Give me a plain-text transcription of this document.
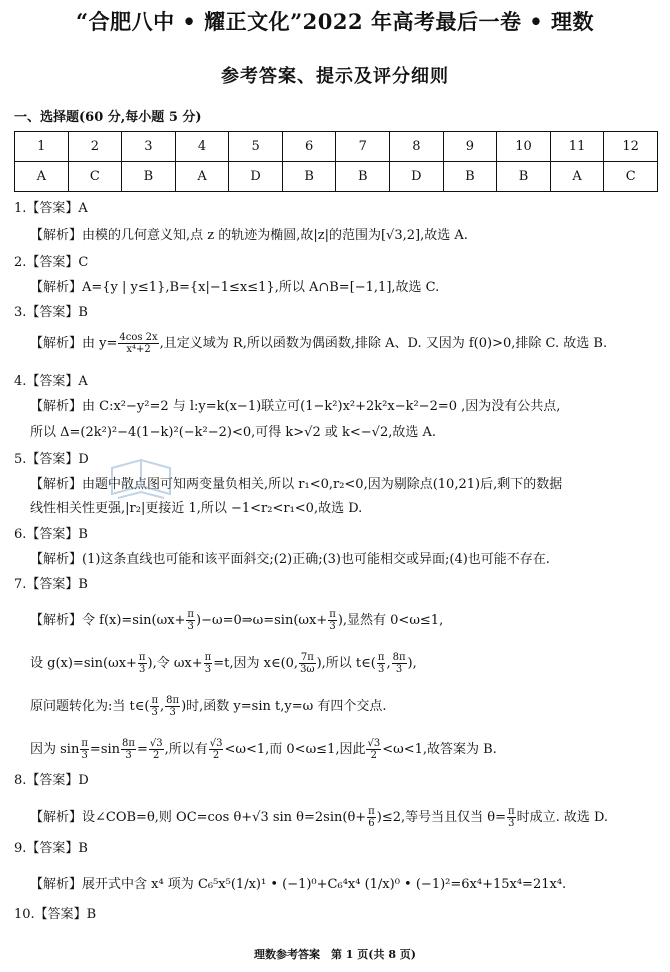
“合肥八中 • 耀正文化”2022 年高考最后一卷 • 理数
参考答案、提示及评分细则
一、选择题(60 分,每小题 5 分)
1	2	3	4	5	6	7	8	9	10	11	12
A	C	B	A	D	B	B	D	B	B	A	C
1.【答案】A
【解析】由模的几何意义知,点 z 的轨迹为椭圆,故|z|的范围为[√3,2],故选 A.
2.【答案】C
【解析】A={y | y≤1},B={x|−1≤x≤1},所以 A∩B=[−1,1],故选 C.
3.【答案】B
【解析】由 $y= \frac{4\cos 2x}{\text{x⁴+2}}$ ,且定义域为 R,所以函数为偶函数,排除 A、D. 又因为 f(0)>0,排除 C. 故选 B.
4.【答案】A
【解析】由 C:x²−y²=2 与 l:y=k(x−1)联立可(1−k²)x²+2k²x−k²−2=0 ,因为没有公共点,
所以 Δ=(2k²)²−4(1−k)²(−k²−2)<0,可得 k>√2 或 k<−√2,故选 A.
5.【答案】D
【解析】由题中散点图可知两变量负相关,所以 r₁<0,r₂<0,因为剔除点(10,21)后,剩下的数据
线性相关性更强,|r₂|更接近 1,所以 −1<r₂<r₁<0,故选 D.
6.【答案】B
【解析】(1)这条直线也可能和该平面斜交;(2)正确;(3)也可能相交或异面;(4)也可能不存在.
7.【答案】B
【解析】令 $f(x)=\sin(\omega x+ \frac{\pi}{3}$ )−ω=0⇒ω=sin(ωx+ $\frac{\pi}{3}$ ),显然有 0<ω≤1,
设 $g(x)=\sin(\omega x+ \frac{\pi}{3}$ ),令 $\omega x+ \frac{\pi}{3} =t$,因为 x∈(0, $\frac{7\pi}{3\omega}$ ),所以 t∈( $\frac{\pi}{3}$ , $\frac{8\pi}{3}$ ),
原问题转化为:当 t∈( $\frac{\pi}{3}$ , $\frac{8\pi}{3}$ )时,函数 y=sin t,y=ω 有四个交点.
因为 $\sin \frac{\pi}{3} =\sin \frac{8\pi}{3} = \frac{√3}{2}$ ,所以有 $\frac{√3}{2} <\omega<1$,而 0<ω≤1,因此 $\frac{√3}{2} <\omega<1$,故答案为 B.
8.【答案】D
【解析】设∠COB=θ,则 OC=cos θ+√3 $\sin \theta=2\sin(\theta+ \frac{\pi}{6} )\le 2$,等号当且仅当 $\theta= \frac{\pi}{3}$ 时成立. 故选 D.
9.【答案】B
【解析】展开式中含 x⁴ 项为 C₆⁵x⁵(1/x)¹ • (−1)⁰+C₆⁴x⁴ (1/x)⁰ • (−1)²=6x⁴+15x⁴=21x⁴.
10.【答案】B
理数参考答案　第 1 页(共 8 页)
